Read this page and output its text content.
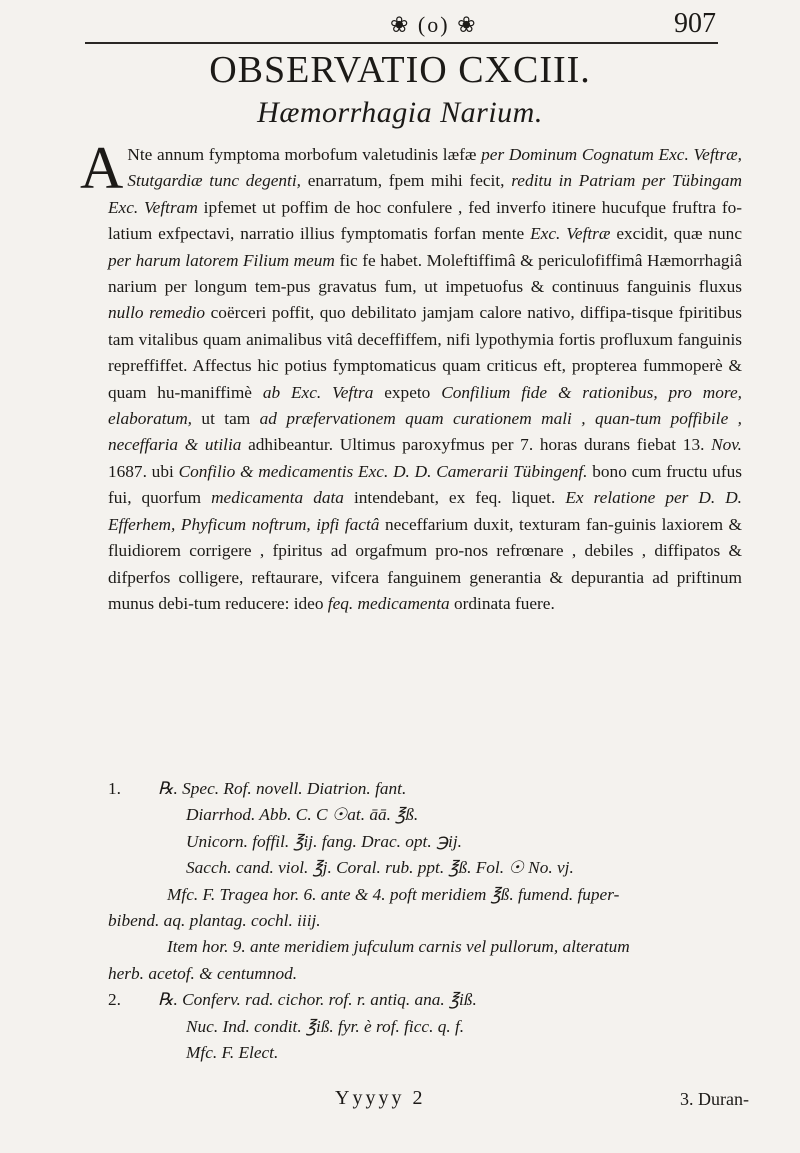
❀ (o) ❀	907
OBSERVATIO CXCIII.
Hæmorrhagia Narium.
A Nte annum fymptoma morbofum valetudinis læfæ per Dominum Cognatum Exc. Veftræ, Stutgardiæ tunc degenti, enarratum, fpem mihi fecit, reditu in Patriam per Tübingam Exc. Veftram ipfemet ut poffim de hoc confulere , fed inverfo itinere hucufque fruftra fo-latium exfpectavi, narratio illius fymptomatis forfan mente Exc. Veftræ excidit, quæ nunc per harum latorem Filium meum fic fe habet. Moleftiffimâ & periculofiffimâ Hæmorrhagiâ narium per longum tem-pus gravatus fum, ut impetuofus & continuus fanguinis fluxus nullo remedio coërceri poffit, quo debilitato jamjam calore nativo, diffipa-tisque fpiritibus tam vitalibus quam animalibus vitâ deceffiffem, nifi lypothymia fortis profluxum fanguinis repreffiffet. Affectus hic potius fymptomaticus quam criticus eft, propterea fummoperè & quam hu-maniffimè ab Exc. Veftra expeto Confilium fide & rationibus, pro more, elaboratum, ut tam ad præfervationem quam curationem mali , quan-tum poffibile , neceffaria & utilia adhibeantur. Ultimus paroxyfmus per 7. horas durans fiebat 13. Nov. 1687. ubi Confilio & medicamentis Exc. D. D. Camerarii Tübingenf. bono cum fructu ufus fui, quorfum medicamenta data intendebant, ex feq. liquet. Ex relatione per D. D. Efferhem, Phyficum noftrum, ipfi factâ neceffarium duxit, texturam fan-guinis laxiorem & fluidiorem corrigere , fpiritus ad orgafmum pro-nos refrœnare , debiles , diffipatos & difperfos colligere, reftaurare, vifcera fanguinem generantia & depurantia ad priftinum munus debi-tum reducere: ideo feq. medicamenta ordinata fuere.
1. ℞. Spec. Rof. novell. Diatrion. fant.
Diarrhod. Abb. C. C ☉at. āā. ℥ß.
Unicorn. foffil. ℥ij. fang. Drac. opt. ℈ij.
Sacch. cand. viol. ℥j. Coral. rub. ppt. ℥ß. Fol. ☉ No. vj.
Mfc. F. Tragea hor. 6. ante & 4. poft meridiem ℥ß. fumend. fuper-
bibend. aq. plantag. cochl. iiij.
Item hor. 9. ante meridiem jufculum carnis vel pullorum, alteratum
herb. acetof. & centumnod.
2. ℞. Conferv. rad. cichor. rof. r. antiq. ana. ℥iß.
Nuc. Ind. condit. ℥iß. fyr. è rof. ficc. q. f.
Mfc. F. Elect.
Yyyyy 2	3. Duran-
